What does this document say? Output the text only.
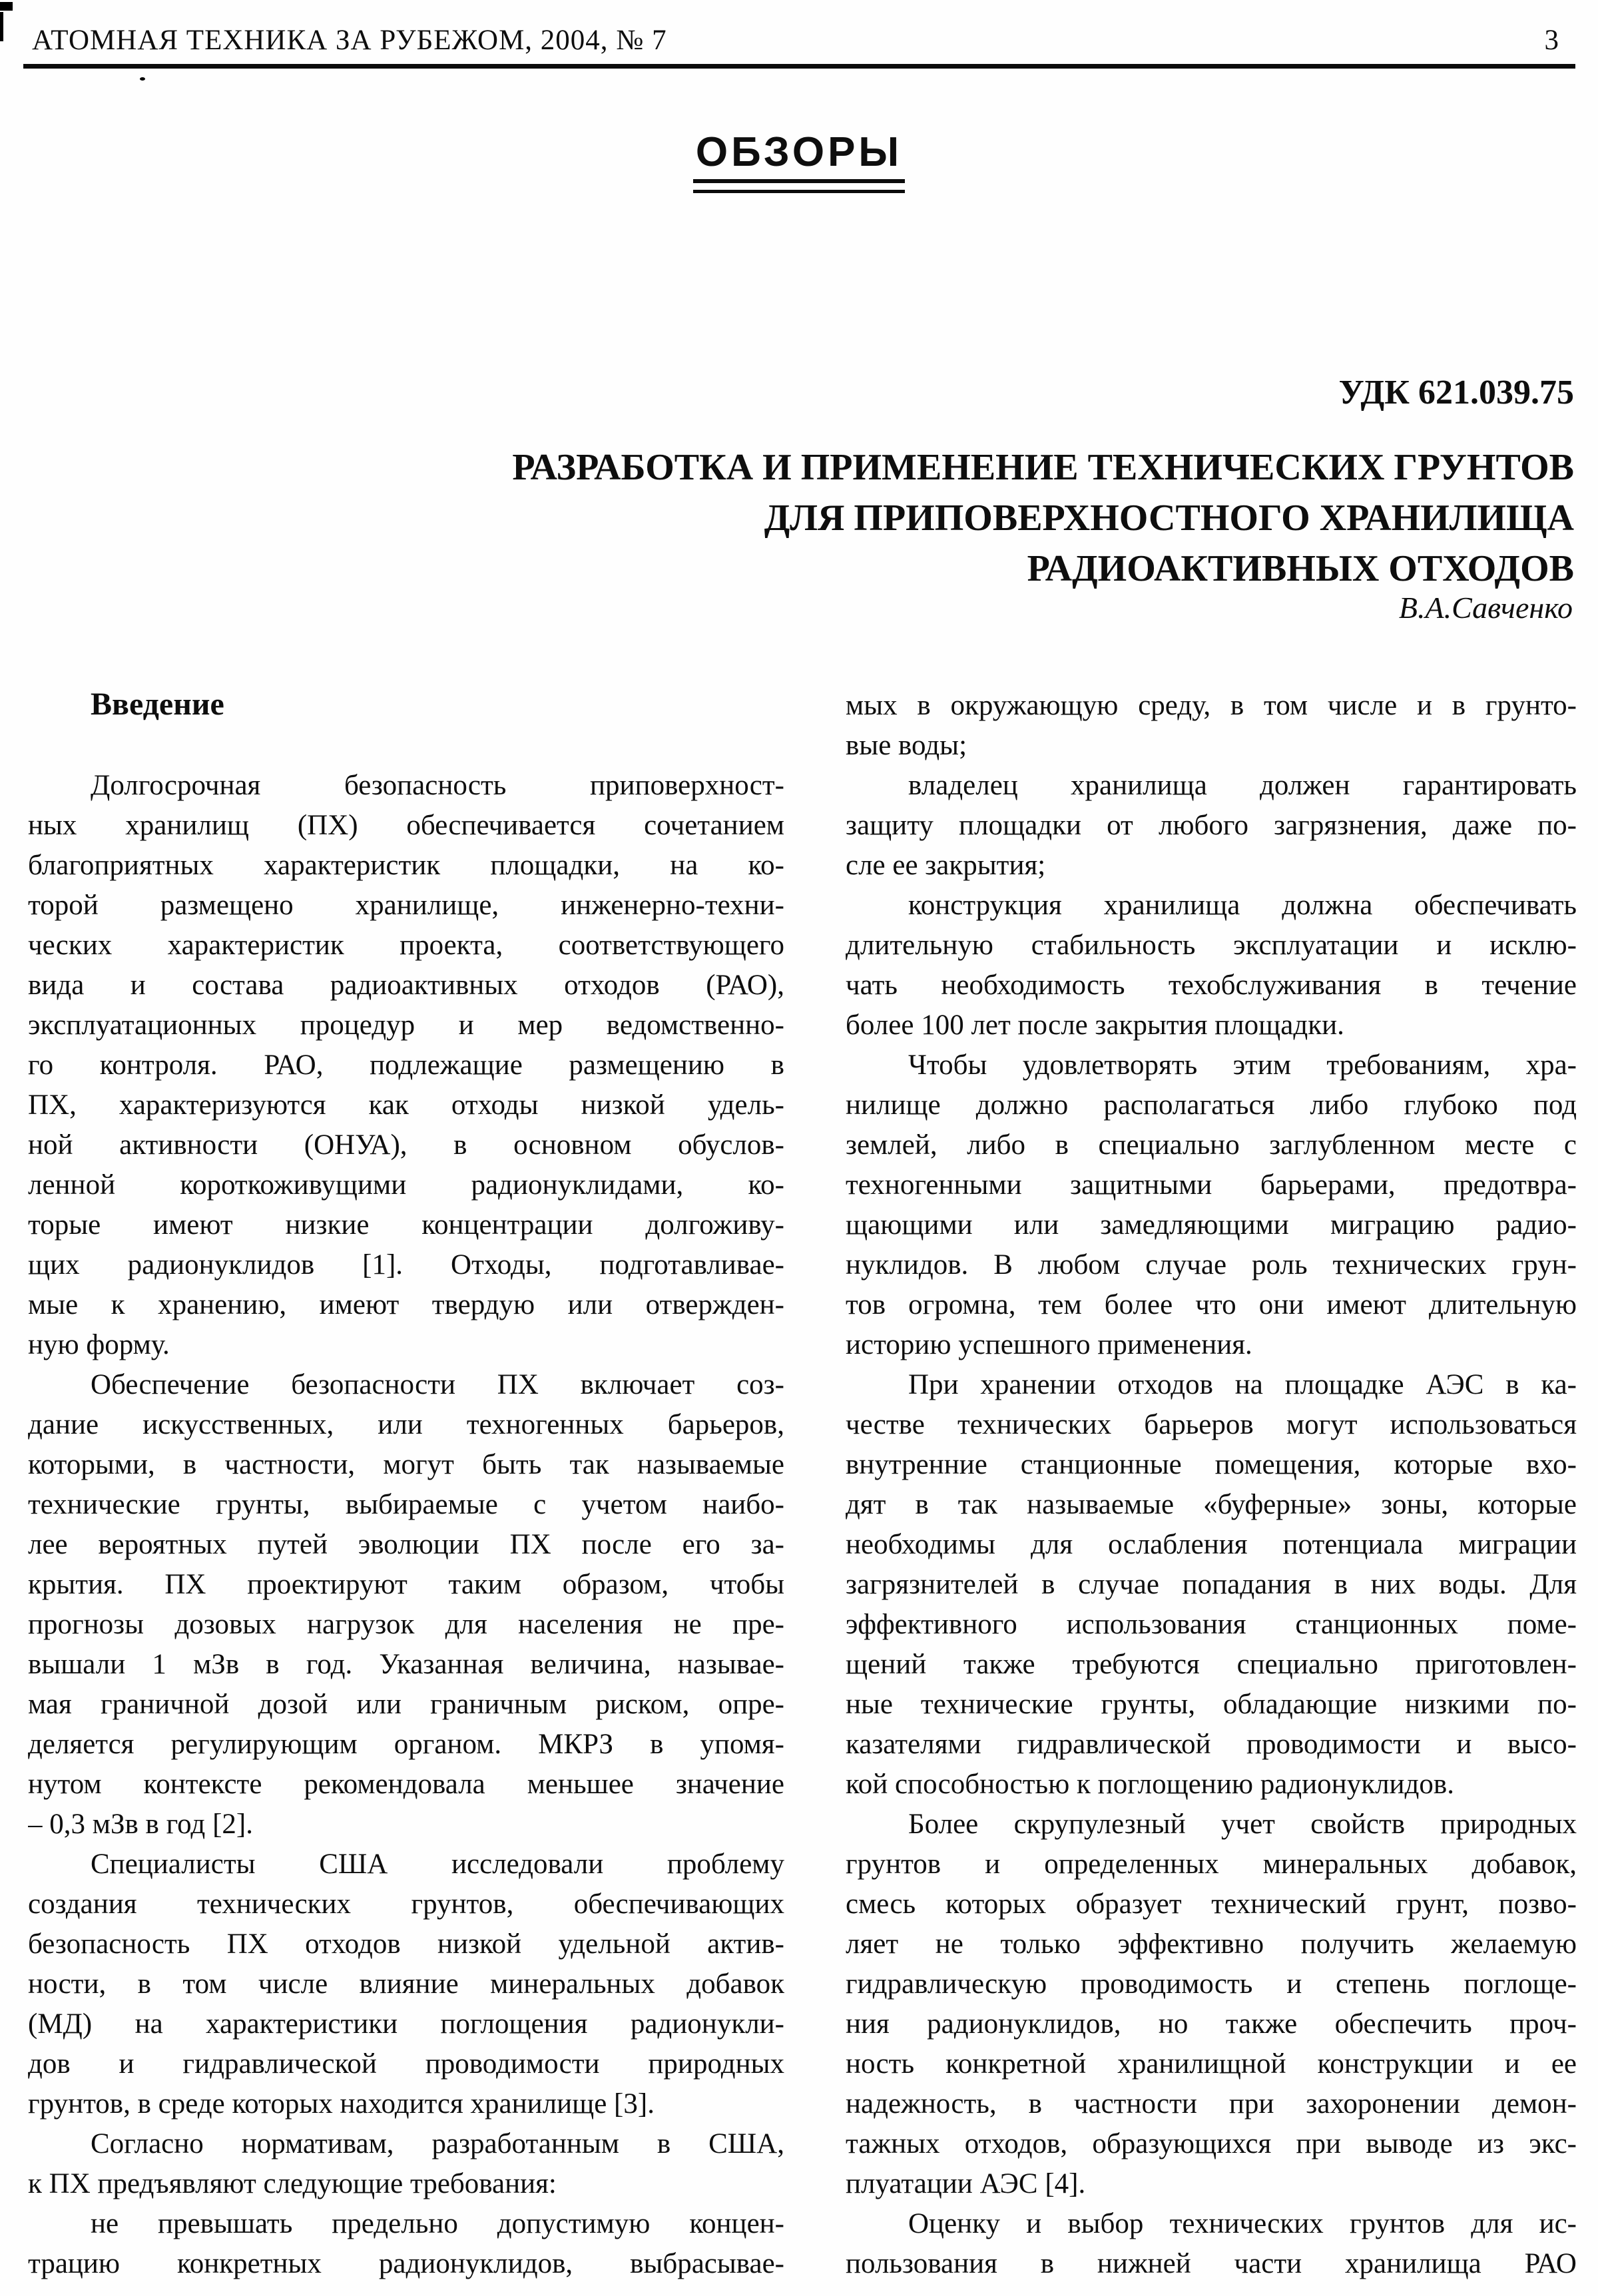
АТОМНАЯ ТЕХНИКА ЗА РУБЕЖОМ, 2004, № 7	3
ОБЗОРЫ
УДК 621.039.75
РАЗРАБОТКА И ПРИМЕНЕНИЕ ТЕХНИЧЕСКИХ ГРУНТОВ
ДЛЯ ПРИПОВЕРХНОСТНОГО ХРАНИЛИЩА
РАДИОАКТИВНЫХ ОТХОДОВ
В.А.Савченко
Введение
Долгосрочная безопасность приповерхност-
ных хранилищ (ПХ) обеспечивается сочетанием
благоприятных характеристик площадки, на ко-
торой размещено хранилище, инженерно-техни-
ческих характеристик проекта, соответствующего
вида и состава радиоактивных отходов (РАО),
эксплуатационных процедур и мер ведомственно-
го контроля. РАО, подлежащие размещению в
ПХ, характеризуются как отходы низкой удель-
ной активности (ОНУА), в основном обуслов-
ленной короткоживущими радионуклидами, ко-
торые имеют низкие концентрации долгоживу-
щих радионуклидов [1]. Отходы, подготавливае-
мые к хранению, имеют твердую или отвержден-
ную форму.
Обеспечение безопасности ПХ включает соз-
дание искусственных, или техногенных барьеров,
которыми, в частности, могут быть так называемые
технические грунты, выбираемые с учетом наибо-
лее вероятных путей эволюции ПХ после его за-
крытия. ПХ проектируют таким образом, чтобы
прогнозы дозовых нагрузок для населения не пре-
вышали 1 мЗв в год. Указанная величина, называе-
мая граничной дозой или граничным риском, опре-
деляется регулирующим органом. МКРЗ в упомя-
нутом контексте рекомендовала меньшее значение
– 0,3 мЗв в год [2].
Специалисты США исследовали проблему
создания технических грунтов, обеспечивающих
безопасность ПХ отходов низкой удельной актив-
ности, в том числе влияние минеральных добавок
(МД) на характеристики поглощения радионукли-
дов и гидравлической проводимости природных
грунтов, в среде которых находится хранилище [3].
Согласно нормативам, разработанным в США,
к ПХ предъявляют следующие требования:
не превышать предельно допустимую концен-
трацию конкретных радионуклидов, выбрасывае-
мых в окружающую среду, в том числе и в грунто-
вые воды;
владелец хранилища должен гарантировать
защиту площадки от любого загрязнения, даже по-
сле ее закрытия;
конструкция хранилища должна обеспечивать
длительную стабильность эксплуатации и исклю-
чать необходимость техобслуживания в течение
более 100 лет после закрытия площадки.
Чтобы удовлетворять этим требованиям, хра-
нилище должно располагаться либо глубоко под
землей, либо в специально заглубленном месте с
техногенными защитными барьерами, предотвра-
щающими или замедляющими миграцию радио-
нуклидов. В любом случае роль технических грун-
тов огромна, тем более что они имеют длительную
историю успешного применения.
При хранении отходов на площадке АЭС в ка-
честве технических барьеров могут использоваться
внутренние станционные помещения, которые вхо-
дят в так называемые «буферные» зоны, которые
необходимы для ослабления потенциала миграции
загрязнителей в случае попадания в них воды. Для
эффективного использования станционных поме-
щений также требуются специально приготовлен-
ные технические грунты, обладающие низкими по-
казателями гидравлической проводимости и высо-
кой способностью к поглощению радионуклидов.
Более скрупулезный учет свойств природных
грунтов и определенных минеральных добавок,
смесь которых образует технический грунт, позво-
ляет не только эффективно получить желаемую
гидравлическую проводимость и степень поглоще-
ния радионуклидов, но также обеспечить проч-
ность конкретной хранилищной конструкции и ее
надежность, в частности при захоронении демон-
тажных отходов, образующихся при выводе из экс-
плуатации АЭС [4].
Оценку и выбор технических грунтов для ис-
пользования в нижней части хранилища РАО
